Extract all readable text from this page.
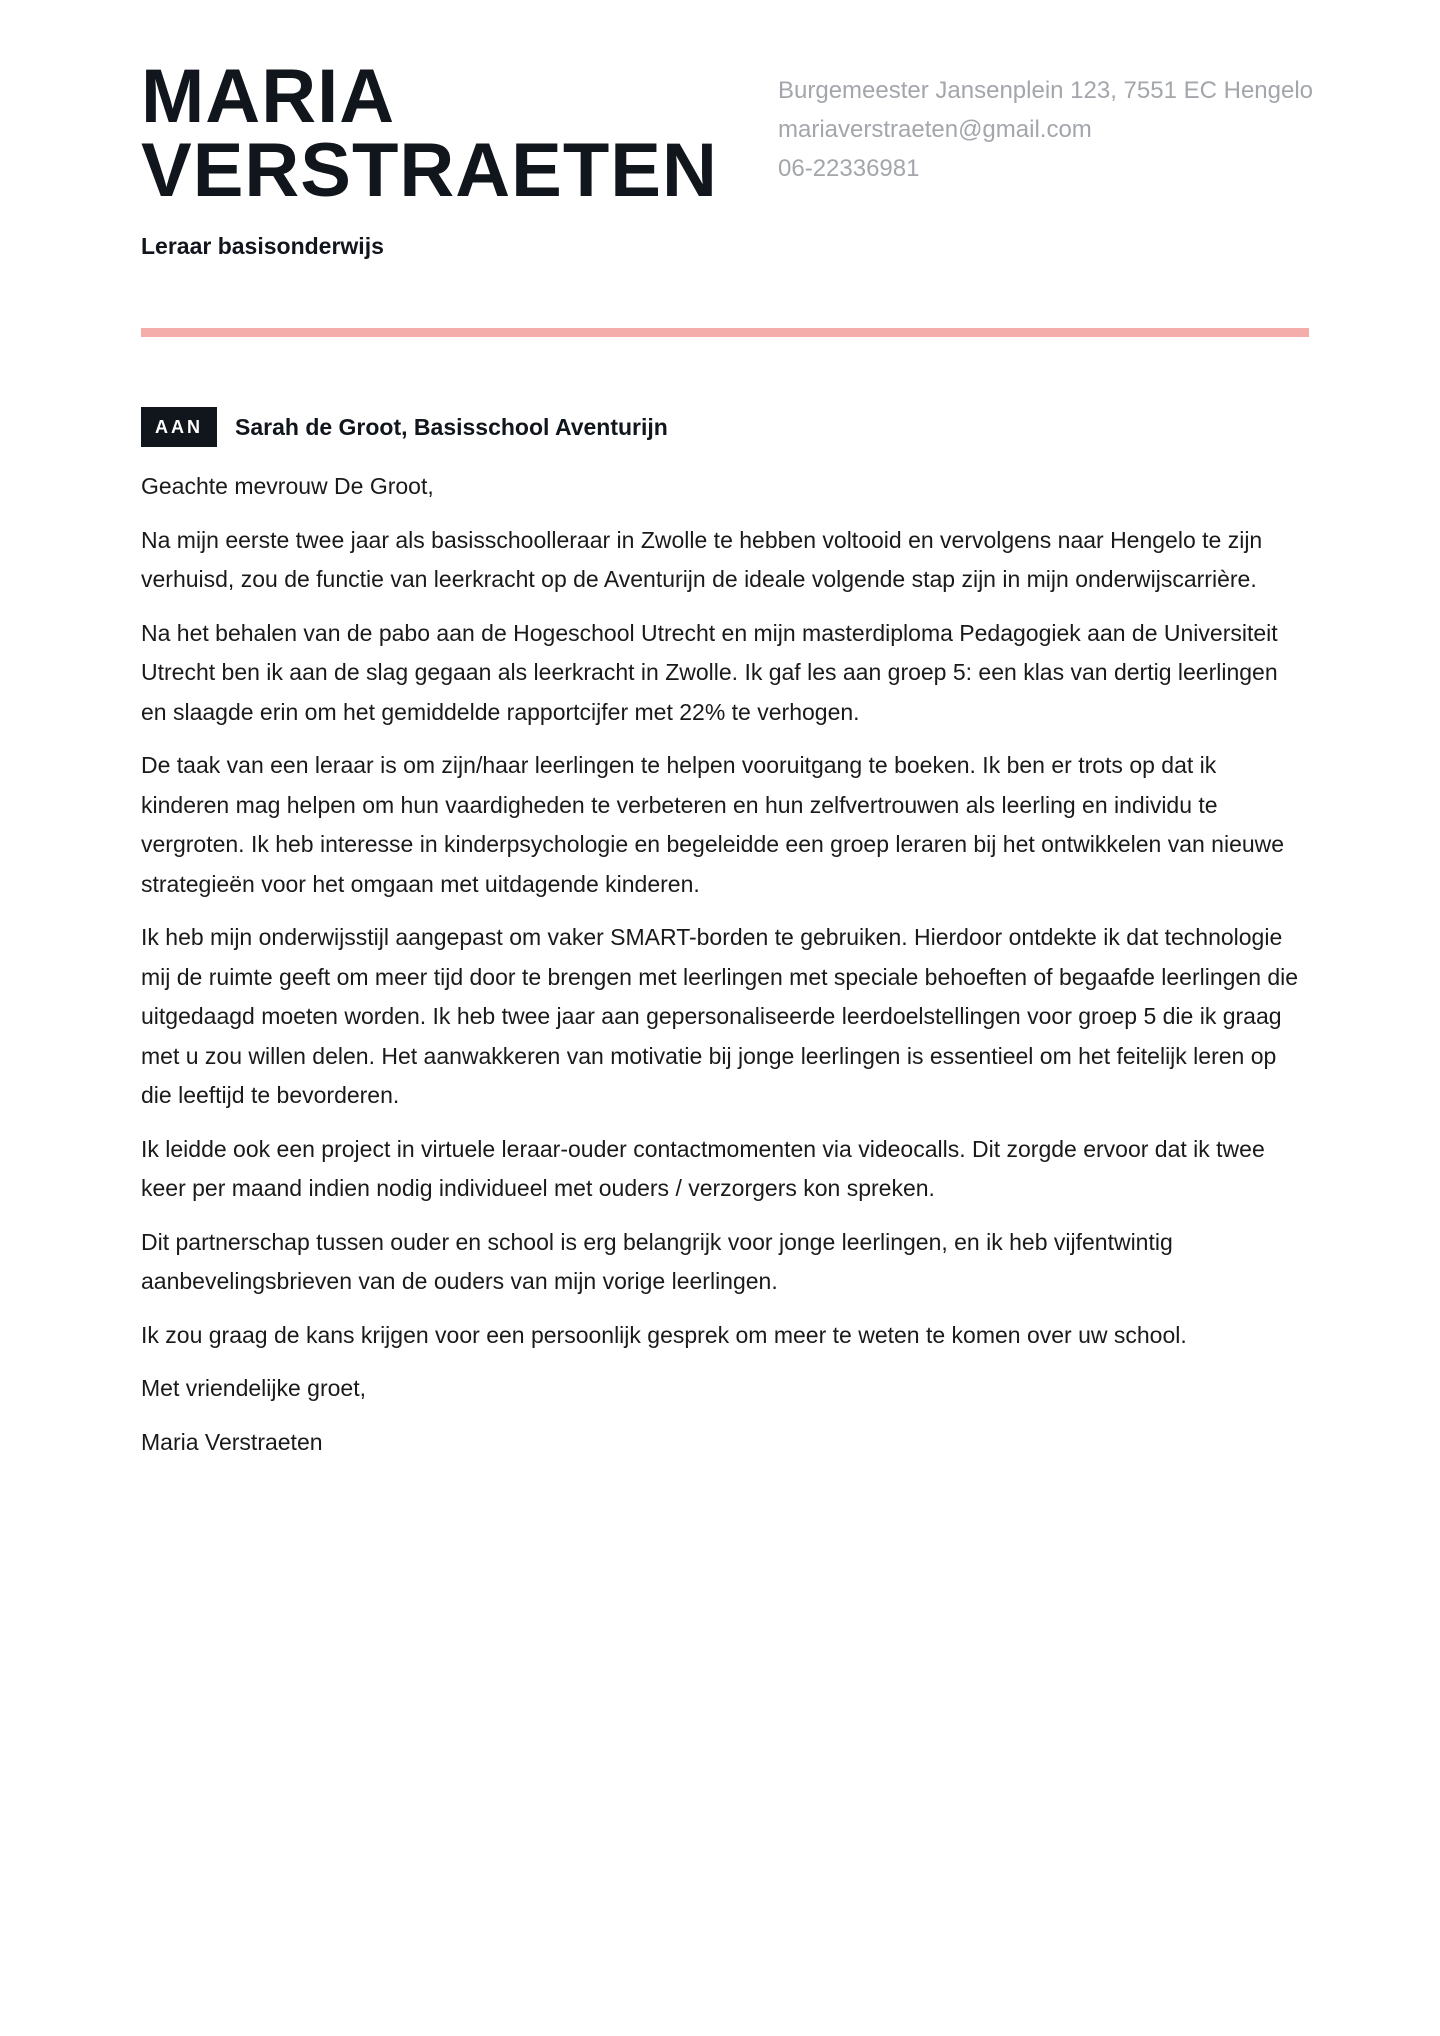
MARIA
VERSTRAETEN
Leraar basisonderwijs
Burgemeester Jansenplein 123, 7551 EC Hengelo
mariaverstraeten@gmail.com
06-22336981
AAN	Sarah de Groot, Basisschool Aventurijn

Geachte mevrouw De Groot,

Na mijn eerste twee jaar als basisschoolleraar in Zwolle te hebben voltooid en vervolgens naar Hengelo te zijn verhuisd, zou de functie van leerkracht op de Aventurijn de ideale volgende stap zijn in mijn onderwijscarrière.

Na het behalen van de pabo aan de Hogeschool Utrecht en mijn masterdiploma Pedagogiek aan de Universiteit Utrecht ben ik aan de slag gegaan als leerkracht in Zwolle. Ik gaf les aan groep 5: een klas van dertig leerlingen en slaagde erin om het gemiddelde rapportcijfer met 22% te verhogen.

De taak van een leraar is om zijn/haar leerlingen te helpen vooruitgang te boeken. Ik ben er trots op dat ik kinderen mag helpen om hun vaardigheden te verbeteren en hun zelfvertrouwen als leerling en individu te vergroten. Ik heb interesse in kinderpsychologie en begeleidde een groep leraren bij het ontwikkelen van nieuwe strategieën voor het omgaan met uitdagende kinderen.

Ik heb mijn onderwijsstijl aangepast om vaker SMART-borden te gebruiken. Hierdoor ontdekte ik dat technologie mij de ruimte geeft om meer tijd door te brengen met leerlingen met speciale behoeften of begaafde leerlingen die uitgedaagd moeten worden. Ik heb twee jaar aan gepersonaliseerde leerdoelstellingen voor groep 5 die ik graag met u zou willen delen. Het aanwakkeren van motivatie bij jonge leerlingen is essentieel om het feitelijk leren op die leeftijd te bevorderen.

Ik leidde ook een project in virtuele leraar-ouder contactmomenten via videocalls. Dit zorgde ervoor dat ik twee keer per maand indien nodig individueel met ouders / verzorgers kon spreken.

Dit partnerschap tussen ouder en school is erg belangrijk voor jonge leerlingen, en ik heb vijfentwintig aanbevelingsbrieven van de ouders van mijn vorige leerlingen.

Ik zou graag de kans krijgen voor een persoonlijk gesprek om meer te weten te komen over uw school.

Met vriendelijke groet,

Maria Verstraeten
